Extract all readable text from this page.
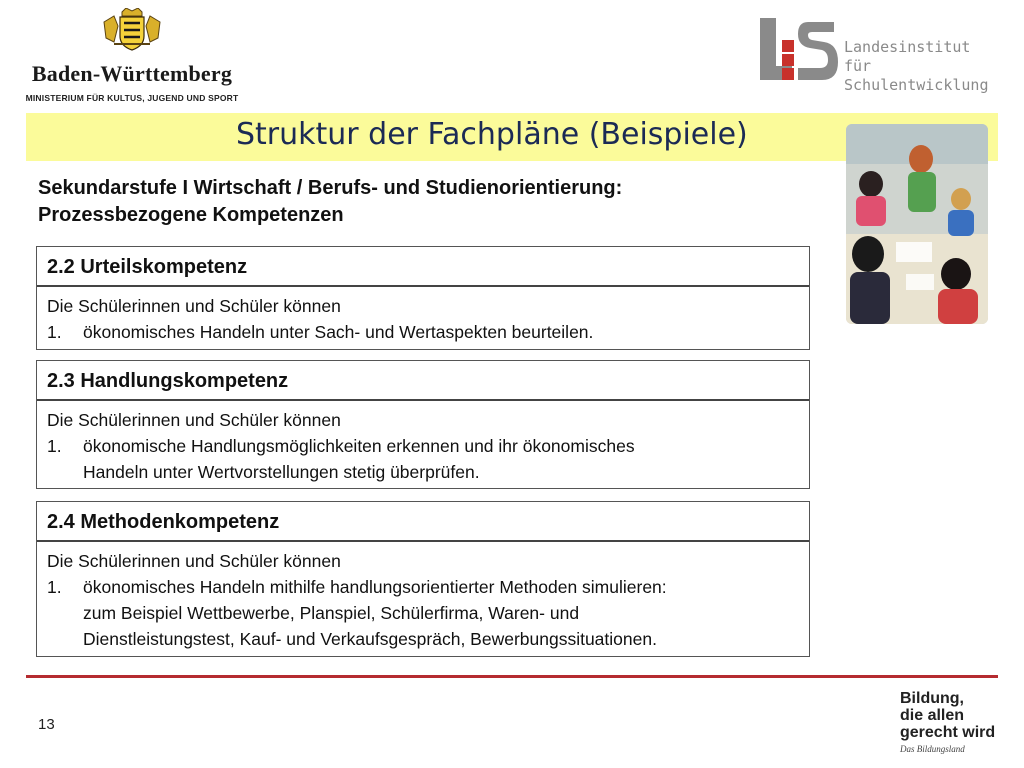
Baden-Württemberg
MINISTERIUM FÜR KULTUS, JUGEND UND SPORT
Landesinstitut
für Schulentwicklung
Struktur der Fachpläne (Beispiele)
Sekundarstufe I Wirtschaft / Berufs- und Studienorientierung:
Prozessbezogene Kompetenzen
2.2 Urteilskompetenz
Die Schülerinnen und Schüler können
1.	ökonomisches Handeln unter Sach- und Wertaspekten beurteilen.
2.3 Handlungskompetenz
Die Schülerinnen und Schüler können
1.	ökonomische Handlungsmöglichkeiten erkennen und ihr ökonomisches
Handeln unter Wertvorstellungen stetig überprüfen.
2.4 Methodenkompetenz
Die Schülerinnen und Schüler können
1.	ökonomisches Handeln mithilfe handlungsorientierter Methoden simulieren:
zum Beispiel Wettbewerbe, Planspiel, Schülerfirma, Waren- und
Dienstleistungstest, Kauf- und Verkaufsgespräch, Bewerbungssituationen.
13
Bildung,
die allen
gerecht wird
Das Bildungsland
